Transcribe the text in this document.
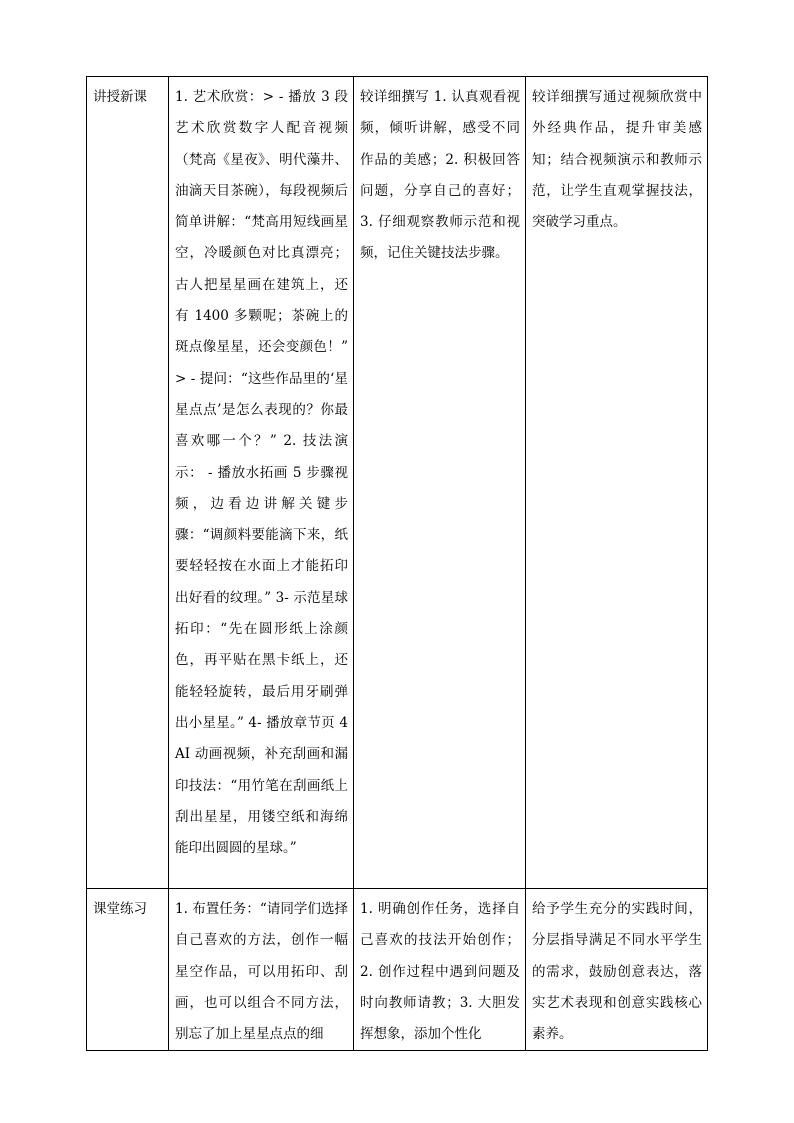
讲授新课	1. 艺术欣赏：> - 播放 3 段艺术欣赏数字人配音视频（梵高《星夜》、明代藻井、油滴天目茶碗），每段视频后简单讲解：“梵高用短线画星空，冷暖颜色对比真漂亮；古人把星星画在建筑上，还有 1400 多颗呢；茶碗上的斑点像星星，还会变颜色！” > - 提问：“这些作品里的‘星星点点’是怎么表现的？你最喜欢哪一个？” 2. 技法演示： - 播放水拓画 5 步骤视频，边看边讲解关键步骤：“调颜料要能滴下来，纸要轻轻按在水面上才能拓印出好看的纹理。” 3- 示范星球拓印：“先在圆形纸上涂颜色，再平贴在黑卡纸上，还能轻轻旋转，最后用牙刷弹出小星星。” 4- 播放章节页 4AI 动画视频，补充刮画和漏印技法：“用竹笔在刮画纸上刮出星星，用镂空纸和海绵能印出圆圆的星球。”	较详细撰写 1. 认真观看视频，倾听讲解，感受不同作品的美感；2. 积极回答问题，分享自己的喜好；3. 仔细观察教师示范和视频，记住关键技法步骤。	较详细撰写通过视频欣赏中外经典作品，提升审美感知；结合视频演示和教师示范，让学生直观掌握技法，突破学习重点。

课堂练习	1. 布置任务：“请同学们选择自己喜欢的方法，创作一幅星空作品，可以用拓印、刮画，也可以组合不同方法，别忘了加上星星点点的细	1. 明确创作任务，选择自己喜欢的技法开始创作；2. 创作过程中遇到问题及时向教师请教；3. 大胆发挥想象，添加个性化	给予学生充分的实践时间，分层指导满足不同水平学生的需求，鼓励创意表达，落实艺术表现和创意实践核心素养。
